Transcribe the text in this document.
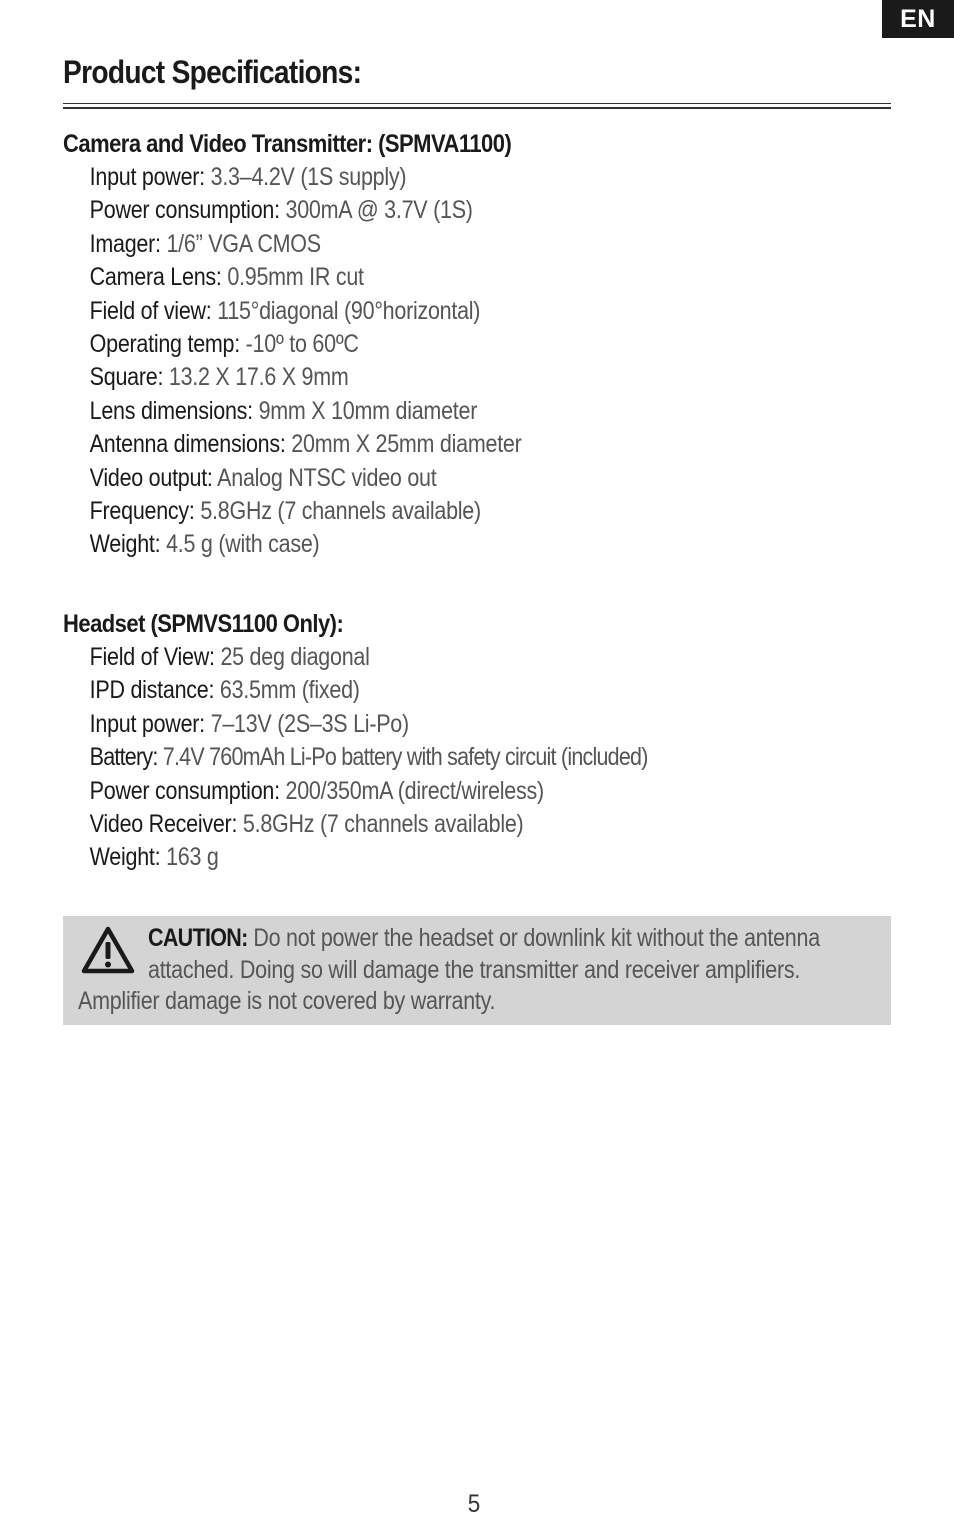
EN
Product Specifications:
Camera and Video Transmitter: (SPMVA1100)
Input power: 3.3–4.2V (1S supply)
Power consumption: 300mA @ 3.7V (1S)
Imager: 1/6” VGA CMOS
Camera Lens: 0.95mm IR cut
Field of view: 115°diagonal (90°horizontal)
Operating temp: -10º to 60ºC
Square: 13.2 X 17.6 X 9mm
Lens dimensions: 9mm X 10mm diameter
Antenna dimensions: 20mm X 25mm diameter
Video output: Analog NTSC video out
Frequency: 5.8GHz (7 channels available)
Weight: 4.5 g (with case)
Headset (SPMVS1100 Only):
Field of View: 25 deg diagonal
IPD distance: 63.5mm (fixed)
Input power: 7–13V (2S–3S Li-Po)
Battery: 7.4V 760mAh Li-Po battery with safety circuit (included)
Power consumption: 200/350mA (direct/wireless)
Video Receiver: 5.8GHz (7 channels available)
Weight: 163 g
CAUTION: Do not power the headset or downlink kit without the antenna
attached. Doing so will damage the transmitter and receiver amplifiers.
Amplifier damage is not covered by warranty.
5
